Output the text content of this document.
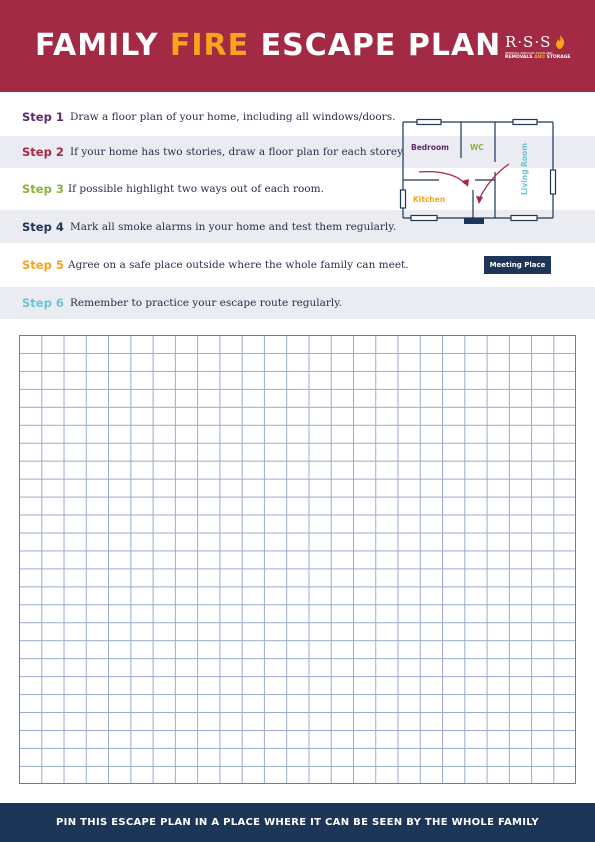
FAMILY FIRE ESCAPE PLAN R·S·S
REMOVAL SERVICES SCOTLAND
REMOVALS AND STORAGE
Step 1 Draw a floor plan of your home, including all windows/doors.
Step 2 If your home has two stories, draw a floor plan for each storey.
Step 3 If possible highlight two ways out of each room.
Step 4 Mark all smoke alarms in your home and test them regularly.
Step 5 Agree on a safe place outside where the whole family can meet.
Step 6 Remember to practice your escape route regularly.
Bedroom	WC
Kitchen
Living Room
Meeting Place
PIN THIS ESCAPE PLAN IN A PLACE WHERE IT CAN BE SEEN BY THE WHOLE FAMILY
